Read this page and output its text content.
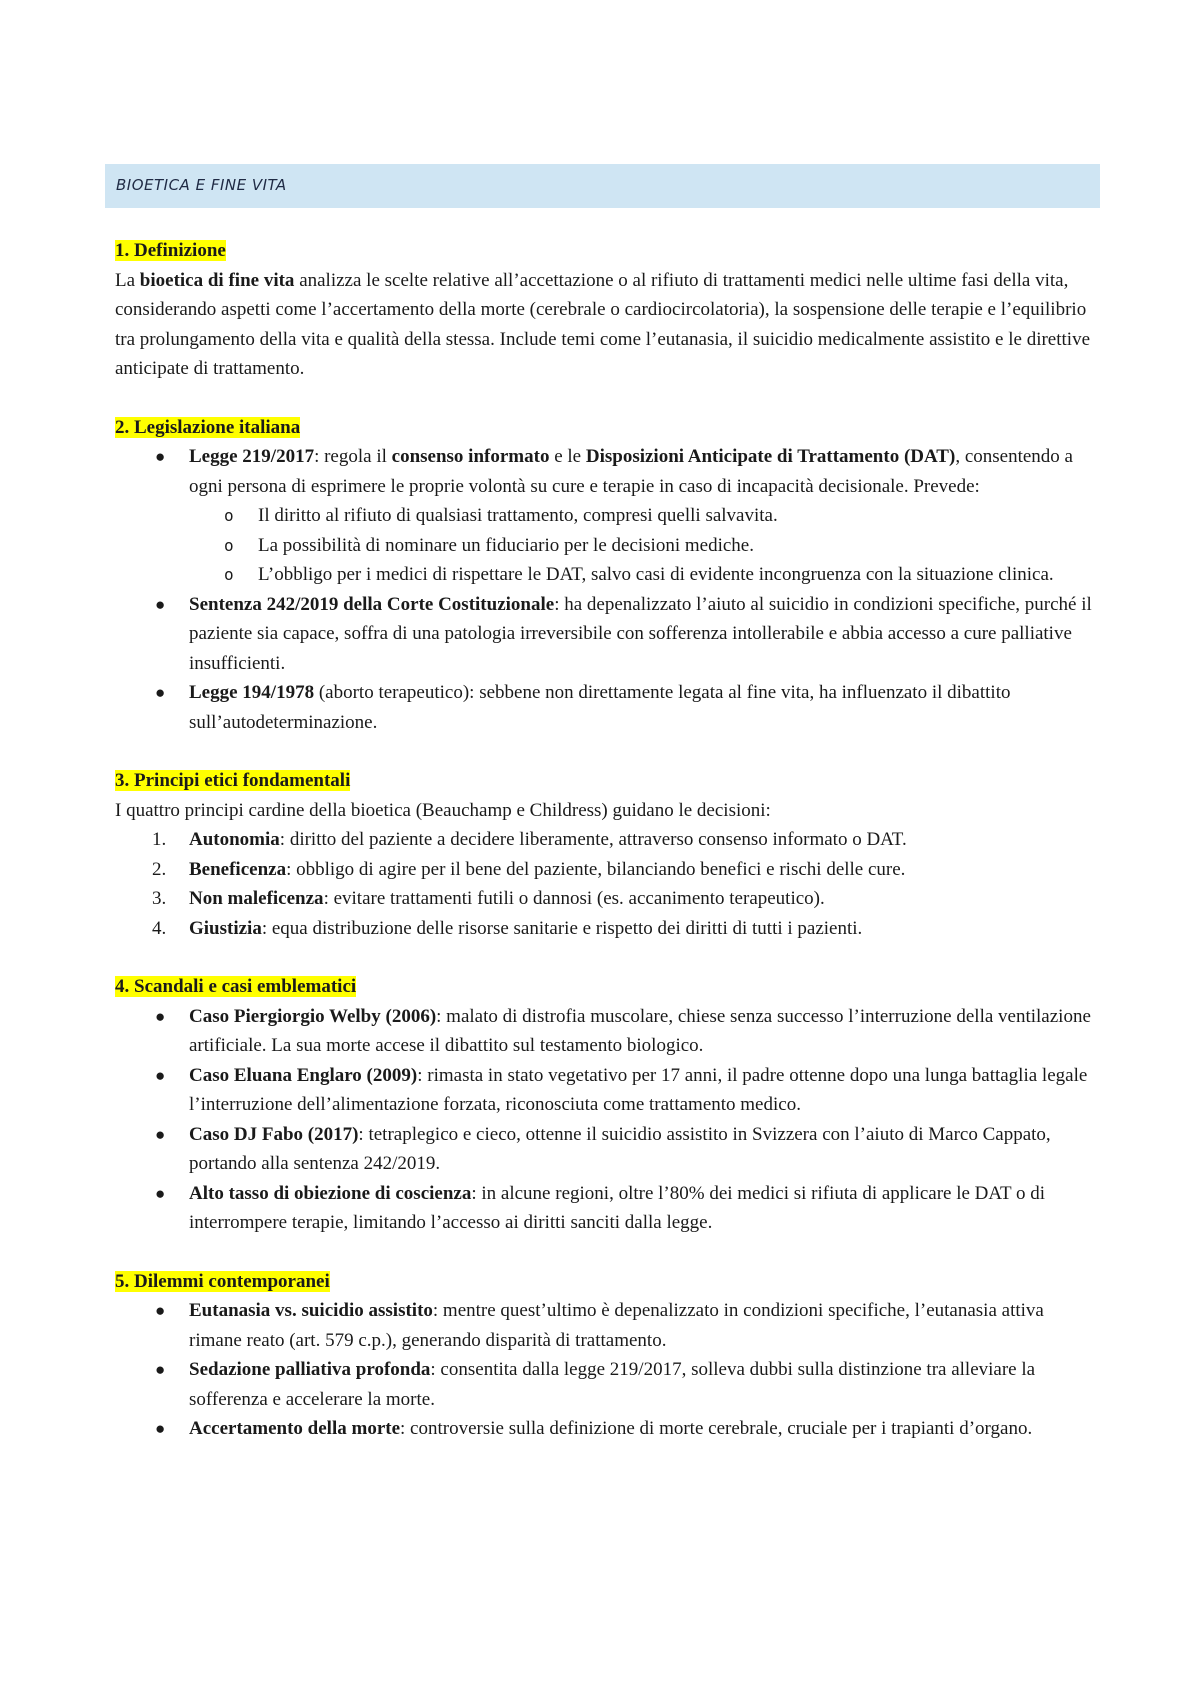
BIOETICA E FINE VITA

1. Definizione

La bioetica di fine vita analizza le scelte relative all’accettazione o al rifiuto di trattamenti medici nelle ultime fasi della vita, considerando aspetti come l’accertamento della morte (cerebrale o cardiocircolatoria), la sospensione delle terapie e l’equilibrio tra prolungamento della vita e qualità della stessa. Include temi come l’eutanasia, il suicidio medicalmente assistito e le direttive anticipate di trattamento.

2. Legislazione italiana

● Legge 219/2017: regola il consenso informato e le Disposizioni Anticipate di Trattamento (DAT), consentendo a ogni persona di esprimere le proprie volontà su cure e terapie in caso di incapacità decisionale. Prevede:
o Il diritto al rifiuto di qualsiasi trattamento, compresi quelli salvavita.
o La possibilità di nominare un fiduciario per le decisioni mediche.
o L’obbligo per i medici di rispettare le DAT, salvo casi di evidente incongruenza con la situazione clinica.
● Sentenza 242/2019 della Corte Costituzionale: ha depenalizzato l’aiuto al suicidio in condizioni specifiche, purché il paziente sia capace, soffra di una patologia irreversibile con sofferenza intollerabile e abbia accesso a cure palliative insufficienti.
● Legge 194/1978 (aborto terapeutico): sebbene non direttamente legata al fine vita, ha influenzato il dibattito sull’autodeterminazione.

3. Principi etici fondamentali

I quattro principi cardine della bioetica (Beauchamp e Childress) guidano le decisioni:

1. Autonomia: diritto del paziente a decidere liberamente, attraverso consenso informato o DAT.
2. Beneficenza: obbligo di agire per il bene del paziente, bilanciando benefici e rischi delle cure.
3. Non maleficenza: evitare trattamenti futili o dannosi (es. accanimento terapeutico).
4. Giustizia: equa distribuzione delle risorse sanitarie e rispetto dei diritti di tutti i pazienti.

4. Scandali e casi emblematici

● Caso Piergiorgio Welby (2006): malato di distrofia muscolare, chiese senza successo l’interruzione della ventilazione artificiale. La sua morte accese il dibattito sul testamento biologico.
● Caso Eluana Englaro (2009): rimasta in stato vegetativo per 17 anni, il padre ottenne dopo una lunga battaglia legale l’interruzione dell’alimentazione forzata, riconosciuta come trattamento medico.
● Caso DJ Fabo (2017): tetraplegico e cieco, ottenne il suicidio assistito in Svizzera con l’aiuto di Marco Cappato, portando alla sentenza 242/2019.
● Alto tasso di obiezione di coscienza: in alcune regioni, oltre l’80% dei medici si rifiuta di applicare le DAT o di interrompere terapie, limitando l’accesso ai diritti sanciti dalla legge.

5. Dilemmi contemporanei

● Eutanasia vs. suicidio assistito: mentre quest’ultimo è depenalizzato in condizioni specifiche, l’eutanasia attiva rimane reato (art. 579 c.p.), generando disparità di trattamento.
● Sedazione palliativa profonda: consentita dalla legge 219/2017, solleva dubbi sulla distinzione tra alleviare la sofferenza e accelerare la morte.
● Accertamento della morte: controversie sulla definizione di morte cerebrale, cruciale per i trapianti d’organo.
